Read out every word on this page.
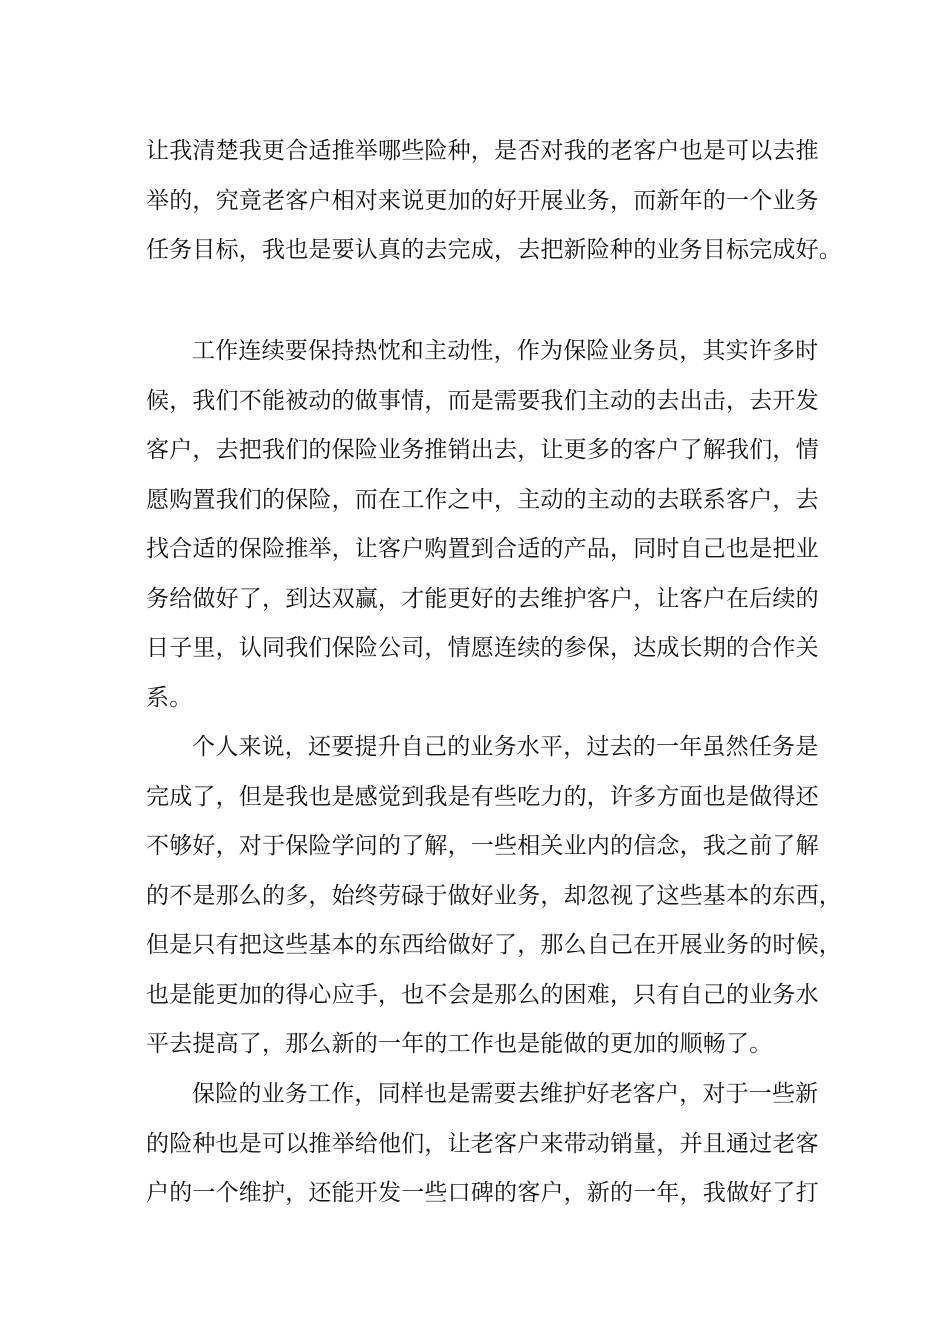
让我清楚我更合适推举哪些险种，是否对我的老客户也是可以去推
举的，究竟老客户相对来说更加的好开展业务，而新年的一个业务
任务目标，我也是要认真的去完成，去把新险种的业务目标完成好。
工作连续要保持热忱和主动性，作为保险业务员，其实许多时
候，我们不能被动的做事情，而是需要我们主动的去出击，去开发
客户，去把我们的保险业务推销出去，让更多的客户了解我们，情
愿购置我们的保险，而在工作之中，主动的主动的去联系客户，去
找合适的保险推举，让客户购置到合适的产品，同时自己也是把业
务给做好了，到达双赢，才能更好的去维护客户，让客户在后续的
日子里，认同我们保险公司，情愿连续的参保，达成长期的合作关
系。
个人来说，还要提升自己的业务水平，过去的一年虽然任务是
完成了，但是我也是感觉到我是有些吃力的，许多方面也是做得还
不够好，对于保险学问的了解，一些相关业内的信念，我之前了解
的不是那么的多，始终劳碌于做好业务，却忽视了这些基本的东西，
但是只有把这些基本的东西给做好了，那么自己在开展业务的时候，
也是能更加的得心应手，也不会是那么的困难，只有自己的业务水
平去提高了，那么新的一年的工作也是能做的更加的顺畅了。
保险的业务工作，同样也是需要去维护好老客户，对于一些新
的险种也是可以推举给他们，让老客户来带动销量，并且通过老客
户的一个维护，还能开发一些口碑的客户，新的一年，我做好了打
